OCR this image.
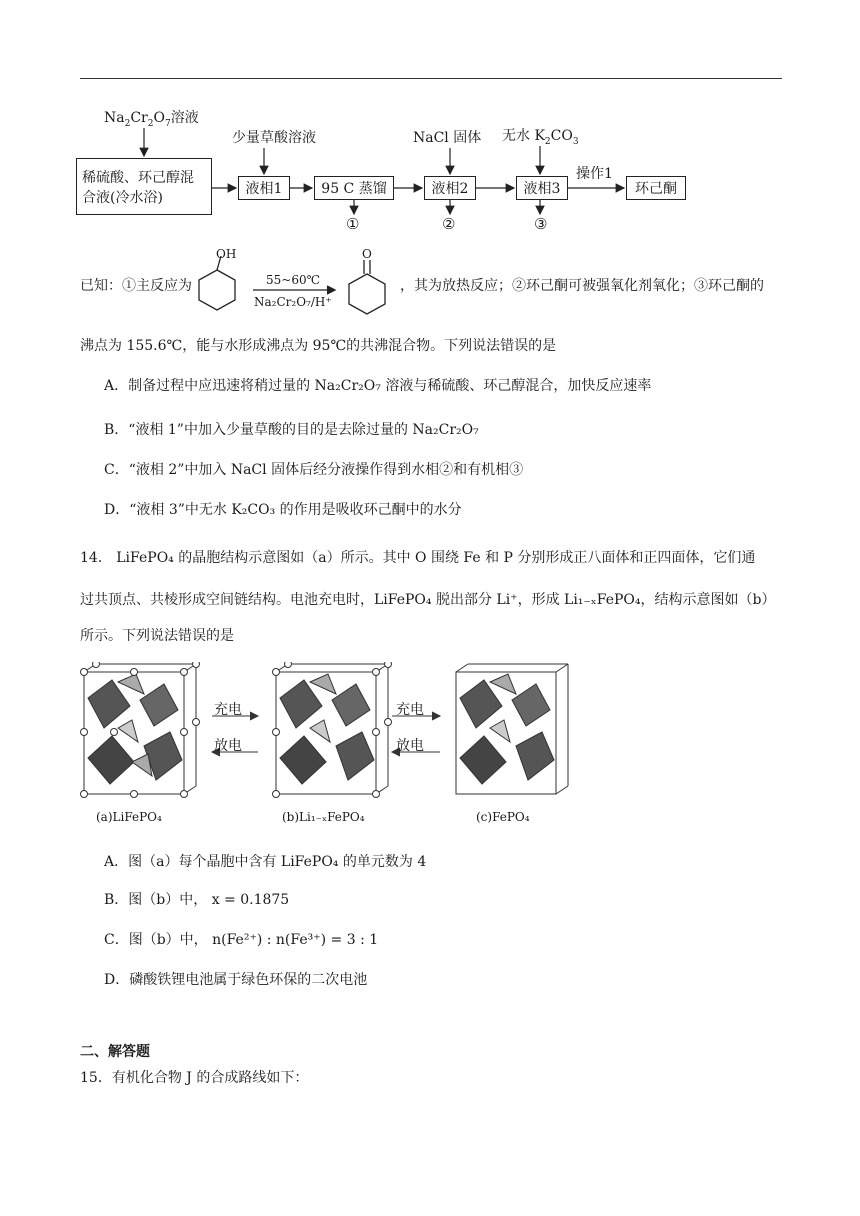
$Na_2Cr_2O_7$溶液
少量草酸溶液	NaCl 固体 无水 $K_2CO_3$
稀硫酸、环己醇混
合液(冷水浴)
液相1	95 C 蒸馏	液相2	液相3
操作1
环己酮
①	②	③
已知：①主反应为	，其为放热反应；②环己酮可被强氧化剂氧化；③环己酮的
OH	O
55~60℃
Na₂Cr₂O₇/H⁺
沸点为 155.6℃，能与水形成沸点为 95℃的共沸混合物。下列说法错误的是
A．制备过程中应迅速将稍过量的 Na₂Cr₂O₇ 溶液与稀硫酸、环己醇混合，加快反应速率
B．“液相 1”中加入少量草酸的目的是去除过量的 Na₂Cr₂O₇
C．“液相 2”中加入 NaCl 固体后经分液操作得到水相②和有机相③
D．“液相 3”中无水 K₂CO₃ 的作用是吸收环己酮中的水分
14． LiFePO₄ 的晶胞结构示意图如（a）所示。其中 O 围绕 Fe 和 P 分别形成正八面体和正四面体，它们通
过共顶点、共棱形成空间链结构。电池充电时，LiFePO₄ 脱出部分 Li⁺，形成 Li₁₋ₓFePO₄，结构示意图如（b）
所示。下列说法错误的是
充电
放电
充电
放电
(a)LiFePO₄	(b)Li₁₋ₓFePO₄	(c)FePO₄
A．图（a）每个晶胞中含有 LiFePO₄ 的单元数为 4
B．图（b）中， x = 0.1875
C．图（b）中， n(Fe²⁺) : n(Fe³⁺) = 3 : 1
D．磷酸铁锂电池属于绿色环保的二次电池
二、解答题
15．有机化合物 J 的合成路线如下：
